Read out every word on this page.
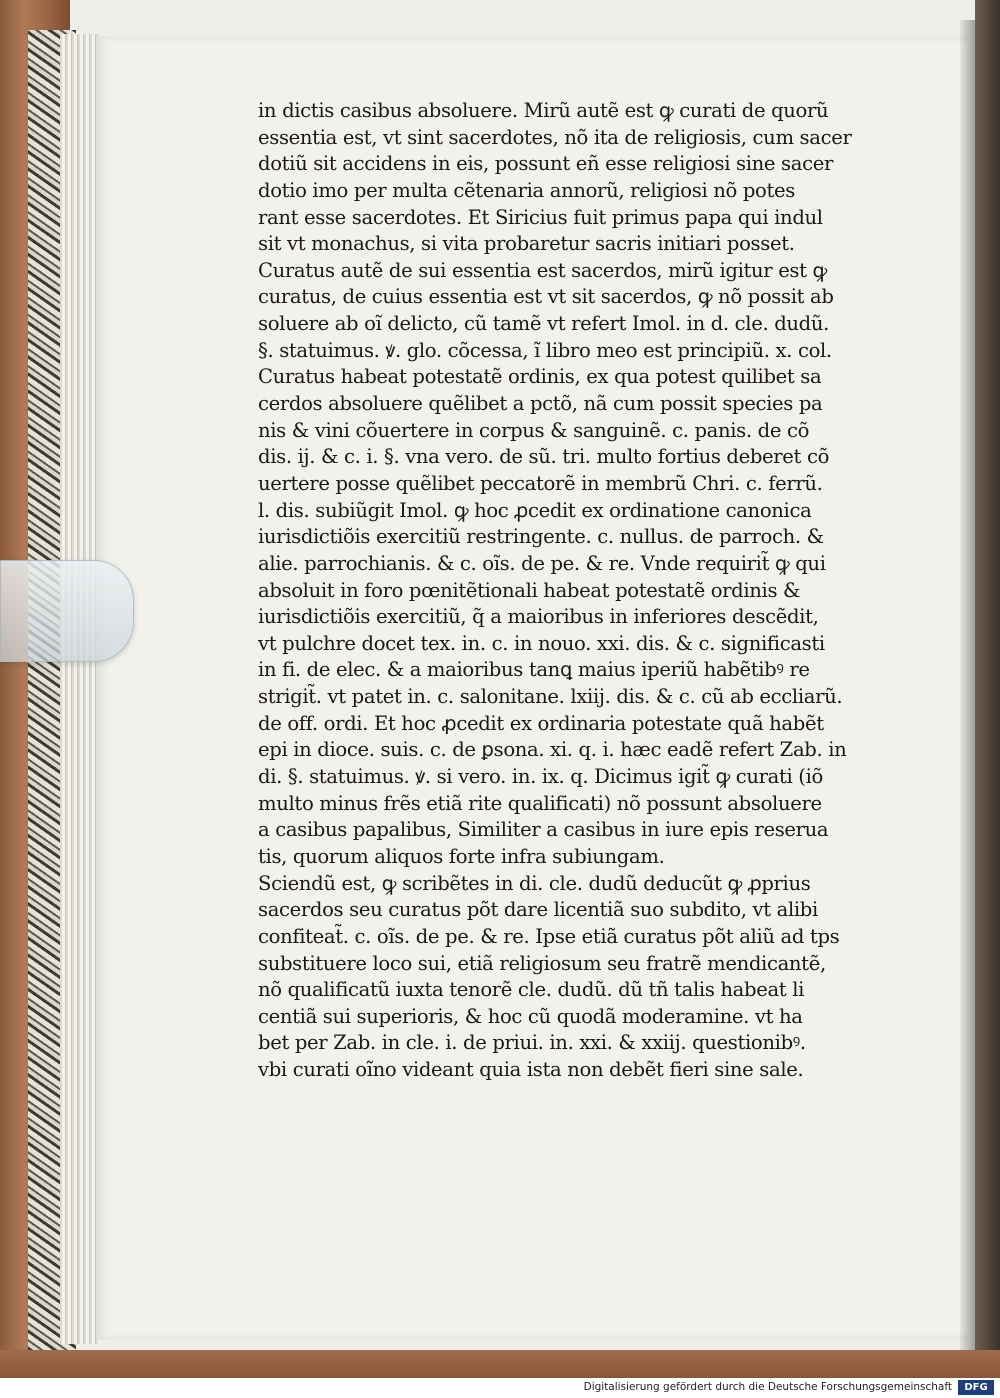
in dictis casibus absoluere. Mirũ autẽ est ꝙ curati de quorũ
essentia est, vt sint sacerdotes, nõ ita de religiosis, cum sacer
dotiũ sit accidens in eis, possunt eñ esse religiosi sine sacer
dotio imo per multa cẽtenaria annorũ, religiosi nõ potes
rant esse sacerdotes. Et Siricius fuit primus papa qui indul
sit vt monachus, si vita probaretur sacris initiari posset.
Curatus autẽ de sui essentia est sacerdos, mirũ igitur est ꝙ
curatus, de cuius essentia est vt sit sacerdos, ꝙ nõ possit ab
soluere ab oĩ delicto, cũ tamẽ vt refert Imol. in d. cle. dudũ.
§. statuimus. ꝟ. glo. cõcessa, ĩ libro meo est principiũ. x. col.
Curatus habeat potestatẽ ordinis, ex qua potest quilibet sa
cerdos absoluere quẽlibet a pctõ, nã cum possit species pa
nis & vini cõuertere in corpus & sanguinẽ. c. panis. de cõ
dis. ij. & c. i. §. vna vero. de sũ. tri. multo fortius deberet cõ
uertere posse quẽlibet peccatorẽ in membrũ Chri. c. ferrũ.
l. dis. subiũgit Imol. ꝙ hoc ꝓcedit ex ordinatione canonica
iurisdictiõis exercitiũ restringente. c. nullus. de parroch. &
alie. parrochianis. & c. oĩs. de pe. & re. Vnde requirit̃ ꝙ qui
absoluit in foro pœnitẽtionali habeat potestatẽ ordinis &
iurisdictiõis exercitiũ, q̃ a maioribus in inferiores descẽdit,
vt pulchre docet tex. in. c. in nouo. xxi. dis. & c. significasti
in fi. de elec. & a maioribus tanꝗ maius iperiũ habẽtibꝰ re
strigit̃. vt patet in. c. salonitane. lxiij. dis. & c. cũ ab eccliarũ.
de off. ordi. Et hoc ꝓcedit ex ordinaria potestate quã habẽt
epi in dioce. suis. c. de ꝑsona. xi. q. i. hæc eadẽ refert Zab. in
di. §. statuimus. ꝟ. si vero. in. ix. q. Dicimus igit̃ ꝙ curati (iõ
multo minus frẽs etiã rite qualificati) nõ possunt absoluere
a casibus papalibus, Similiter a casibus in iure epis reserua
tis, quorum aliquos forte infra subiungam.
Sciendũ est, ꝙ scribẽtes in di. cle. dudũ deducũt ꝙ ꝓprius
sacerdos seu curatus põt dare licentiã suo subdito, vt alibi
confiteat̃. c. oĩs. de pe. & re. Ipse etiã curatus põt aliũ ad tps
substituere loco sui, etiã religiosum seu fratrẽ mendicantẽ,
nõ qualificatũ iuxta tenorẽ cle. dudũ. dũ tñ talis habeat li
centiã sui superioris, & hoc cũ quodã moderamine. vt ha
bet per Zab. in cle. i. de priui. in. xxi. & xxiij. questionibꝰ.
vbi curati oĩno videant quia ista non debẽt fieri sine sale.
Digitalisierung gefördert durch die Deutsche Forschungsgemeinschaft	DFG
